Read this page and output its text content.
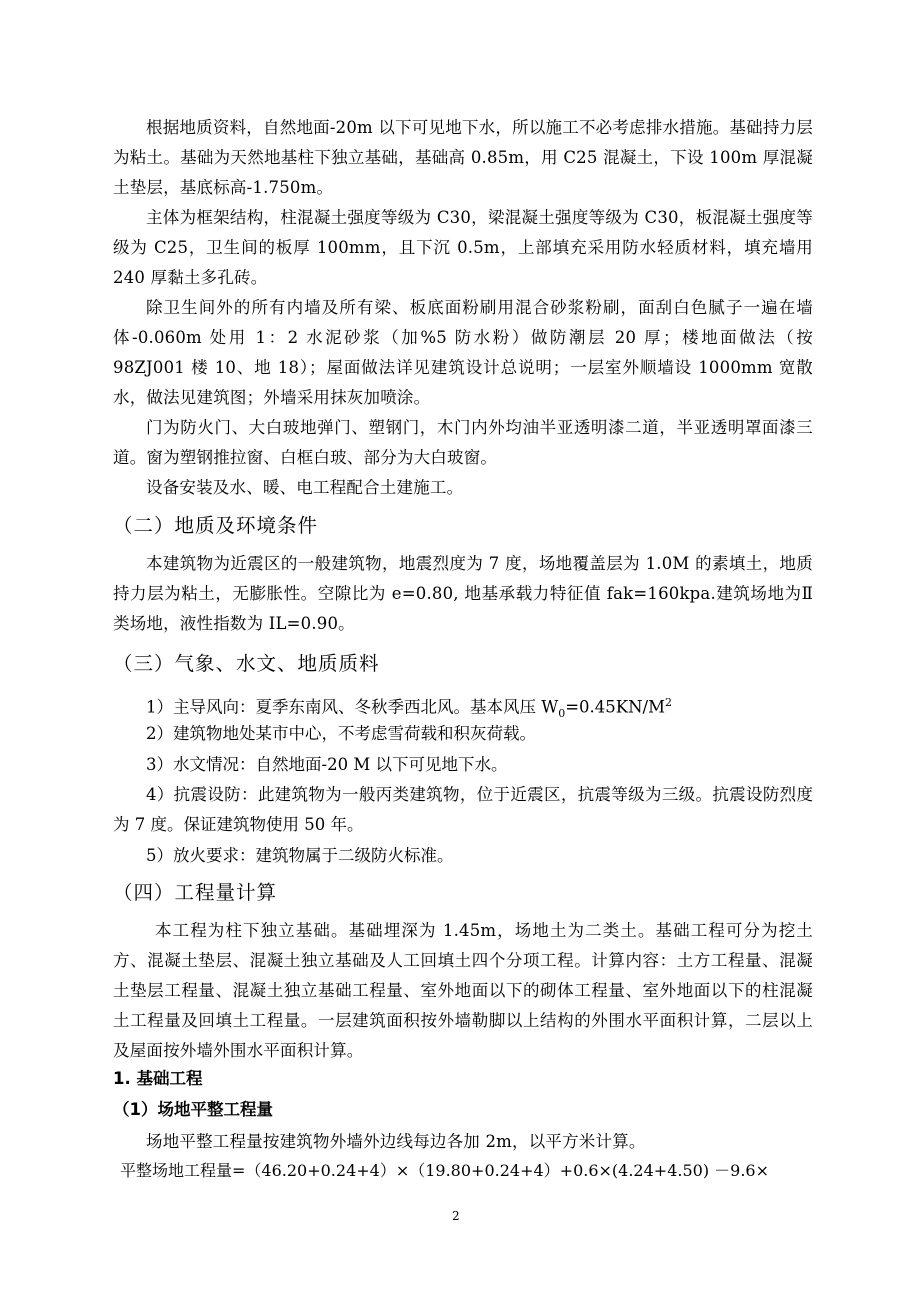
根据地质资料，自然地面-20m 以下可见地下水，所以施工不必考虑排水措施。基础持力层为粘土。基础为天然地基柱下独立基础，基础高 0.85m，用 C25 混凝土，下设 100m 厚混凝土垫层，基底标高-1.750m。
主体为框架结构，柱混凝土强度等级为 C30，梁混凝土强度等级为 C30，板混凝土强度等级为 C25，卫生间的板厚 100mm，且下沉 0.5m，上部填充采用防水轻质材料，填充墙用 240 厚黏土多孔砖。
除卫生间外的所有内墙及所有梁、板底面粉刷用混合砂浆粉刷，面刮白色腻子一遍在墙体-0.060m 处用 1：2 水泥砂浆（加%5 防水粉）做防潮层 20 厚；楼地面做法（按 98ZJ001 楼 10、地 18）；屋面做法详见建筑设计总说明；一层室外顺墙设 1000mm 宽散水，做法见建筑图；外墙采用抹灰加喷涂。
门为防火门、大白玻地弹门、塑钢门，木门内外均油半亚透明漆二道，半亚透明罩面漆三道。窗为塑钢推拉窗、白框白玻、部分为大白玻窗。
设备安装及水、暖、电工程配合土建施工。
（二）地质及环境条件
本建筑物为近震区的一般建筑物，地震烈度为 7 度，场地覆盖层为 1.0M 的素填土，地质持力层为粘土，无膨胀性。空隙比为 e=0.80, 地基承载力特征值 fak=160kpa.建筑场地为Ⅱ类场地，液性指数为 IL=0.90。
（三）气象、水文、地质质料
1）主导风向：夏季东南风、冬秋季西北风。基本风压 $W_0=0.45KN/M^2$
2）建筑物地处某市中心，不考虑雪荷载和积灰荷载。
3）水文情况：自然地面-20 M 以下可见地下水。
4）抗震设防：此建筑物为一般丙类建筑物，位于近震区，抗震等级为三级。抗震设防烈度为 7 度。保证建筑物使用 50 年。
5）放火要求：建筑物属于二级防火标准。
（四）工程量计算
本工程为柱下独立基础。基础埋深为 1.45m，场地土为二类土。基础工程可分为挖土方、混凝土垫层、混凝土独立基础及人工回填土四个分项工程。计算内容：土方工程量、混凝土垫层工程量、混凝土独立基础工程量、室外地面以下的砌体工程量、室外地面以下的柱混凝土工程量及回填土工程量。一层建筑面积按外墙勒脚以上结构的外围水平面积计算，二层以上及屋面按外墙外围水平面积计算。
1. 基础工程
（1）场地平整工程量
场地平整工程量按建筑物外墙外边线每边各加 2m，以平方米计算。
平整场地工程量=（46.20+0.24+4）×（19.80+0.24+4）+0.6×(4.24+4.50) －9.6×
2
